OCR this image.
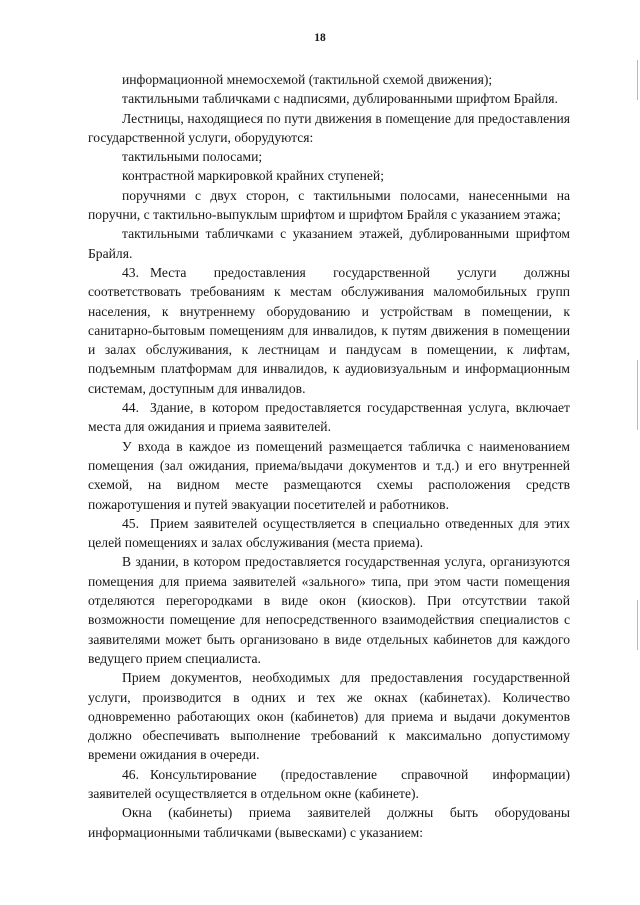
18

информационной мнемосхемой (тактильной схемой движения);

тактильными табличками с надписями, дублированными шрифтом Брайля.

Лестницы, находящиеся по пути движения в помещение для предоставления государственной услуги, оборудуются:

тактильными полосами;

контрастной маркировкой крайних ступеней;

поручнями с двух сторон, с тактильными полосами, нанесенными на поручни, с тактильно-выпуклым шрифтом и шрифтом Брайля с указанием этажа;

тактильными табличками с указанием этажей, дублированными шрифтом Брайля.

43. Места предоставления государственной услуги должны соответствовать требованиям к местам обслуживания маломобильных групп населения, к внутреннему оборудованию и устройствам в помещении, к санитарно-бытовым помещениям для инвалидов, к путям движения в помещении и залах обслуживания, к лестницам и пандусам в помещении, к лифтам, подъемным платформам для инвалидов, к аудиовизуальным и информационным системам, доступным для инвалидов.

44. Здание, в котором предоставляется государственная услуга, включает места для ожидания и приема заявителей.

У входа в каждое из помещений размещается табличка с наименованием помещения (зал ожидания, приема/выдачи документов и т.д.) и его внутренней схемой, на видном месте размещаются схемы расположения средств пожаротушения и путей эвакуации посетителей и работников.

45. Прием заявителей осуществляется в специально отведенных для этих целей помещениях и залах обслуживания (места приема).

В здании, в котором предоставляется государственная услуга, организуются помещения для приема заявителей «зального» типа, при этом части помещения отделяются перегородками в виде окон (киосков). При отсутствии такой возможности помещение для непосредственного взаимодействия специалистов с заявителями может быть организовано в виде отдельных кабинетов для каждого ведущего прием специалиста.

Прием документов, необходимых для предоставления государственной услуги, производится в одних и тех же окнах (кабинетах). Количество одновременно работающих окон (кабинетов) для приема и выдачи документов должно обеспечивать выполнение требований к максимально допустимому времени ожидания в очереди.

46. Консультирование (предоставление справочной информации) заявителей осуществляется в отдельном окне (кабинете).

Окна (кабинеты) приема заявителей должны быть оборудованы информационными табличками (вывесками) с указанием:
